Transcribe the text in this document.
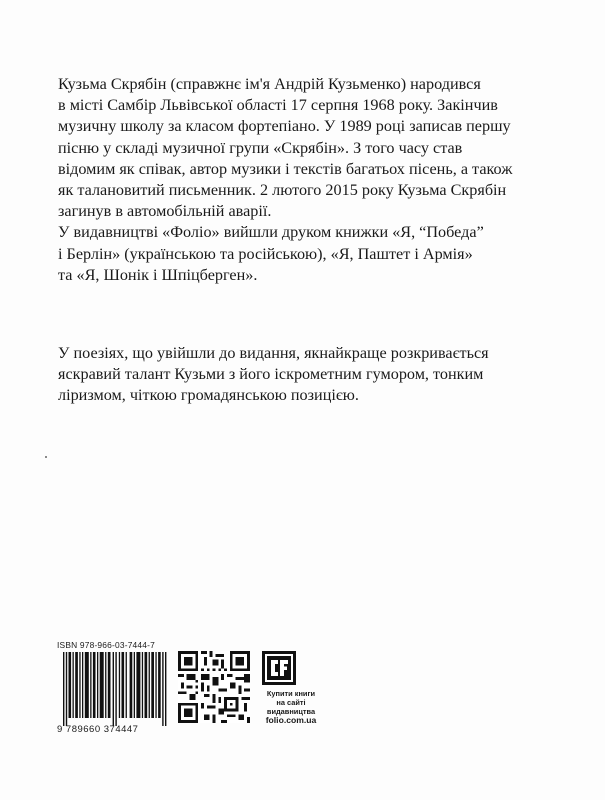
Кузьма Скрябін (справжнє ім'я Андрій Кузьменко) народився

в місті Самбір Львівської області 17 серпня 1968 року. Закінчив

музичну школу за класом фортепіано. У 1989 році записав першу

пісню у складі музичної групи «Скрябін». З того часу став

відомим як співак, автор музики і текстів багатьох пісень, а також

як талановитий письменник. 2 лютого 2015 року Кузьма Скрябін

загинув в автомобільній аварії.

У видавництві «Фоліо» вийшли друком книжки «Я, “Победа”

і Берлін» (українською та російською), «Я, Паштет і Армія»

та «Я, Шонік і Шпіцберген».

У поезіях, що увійшли до видання, якнайкраще розкривається

яскравий талант Кузьми з його іскрометним гумором, тонким

ліризмом, чіткою громадянською позицією.

ISBN 978-966-03-7444-7
9 789660 374447
Купити книги
на сайті
видавництва
folio.com.ua
